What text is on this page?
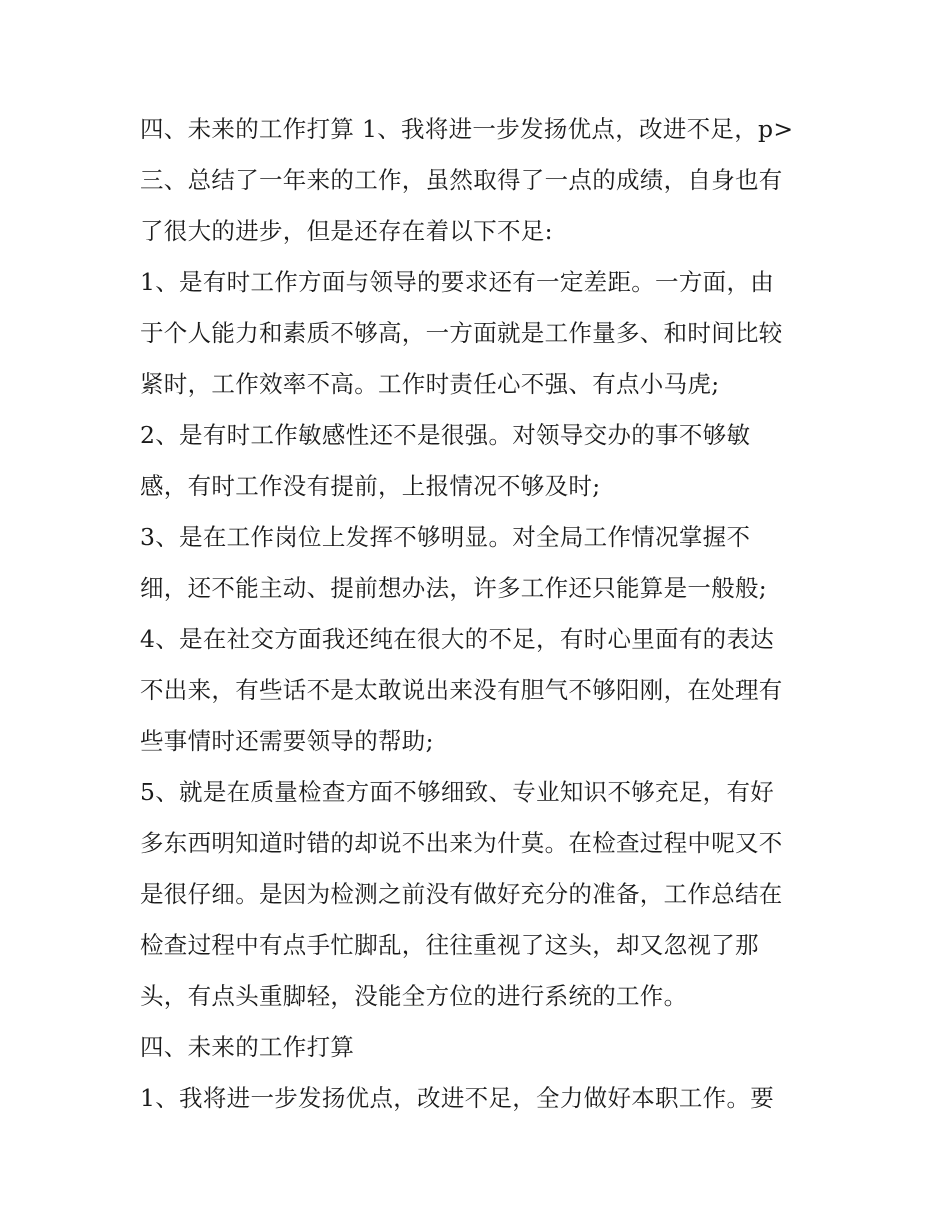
四、未来的工作打算 1、我将进一步发扬优点，改进不足，p>

三、总结了一年来的工作，虽然取得了一点的成绩，自身也有

了很大的进步，但是还存在着以下不足:

1、是有时工作方面与领导的要求还有一定差距。一方面，由

于个人能力和素质不够高，一方面就是工作量多、和时间比较

紧时，工作效率不高。工作时责任心不强、有点小马虎;

2、是有时工作敏感性还不是很强。对领导交办的事不够敏

感，有时工作没有提前，上报情况不够及时;

3、是在工作岗位上发挥不够明显。对全局工作情况掌握不

细，还不能主动、提前想办法，许多工作还只能算是一般般;

4、是在社交方面我还纯在很大的不足，有时心里面有的表达

不出来，有些话不是太敢说出来没有胆气不够阳刚，在处理有

些事情时还需要领导的帮助;

5、就是在质量检查方面不够细致、专业知识不够充足，有好

多东西明知道时错的却说不出来为什莫。在检查过程中呢又不

是很仔细。是因为检测之前没有做好充分的准备，工作总结在

检查过程中有点手忙脚乱，往往重视了这头，却又忽视了那

头，有点头重脚轻，没能全方位的进行系统的工作。

四、未来的工作打算

1、我将进一步发扬优点，改进不足，全力做好本职工作。要
